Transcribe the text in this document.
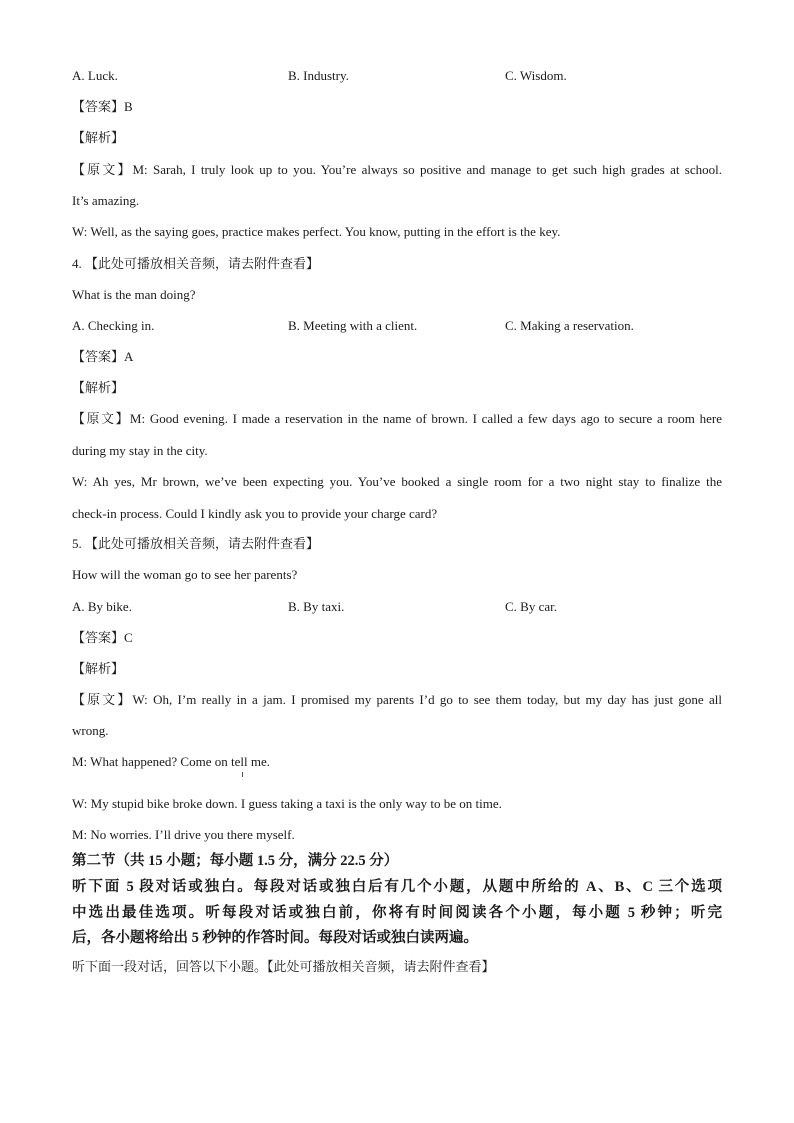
A. Luck.	B. Industry.	C. Wisdom.
【答案】B
【解析】
【原文】M: Sarah, I truly look up to you. You’re always so positive and manage to get such high grades at school.
It’s amazing.
W: Well, as the saying goes, practice makes perfect. You know, putting in the effort is the key.
4. 【此处可播放相关音频，请去附件查看】
What is the man doing?
A. Checking in.	B. Meeting with a client.	C. Making a reservation.
【答案】A
【解析】
【原文】M: Good evening. I made a reservation in the name of brown. I called a few days ago to secure a room here
during my stay in the city.
W: Ah yes, Mr brown, we’ve been expecting you. You’ve booked a single room for a two night stay to finalize the
check-in process. Could I kindly ask you to provide your charge card?
5. 【此处可播放相关音频，请去附件查看】
How will the woman go to see her parents?
A. By bike.	B. By taxi.	C. By car.
【答案】C
【解析】
【原文】W: Oh, I’m really in a jam. I promised my parents I’d go to see them today, but my day has just gone all
wrong.
M: What happened? Come on tell me.
W: My stupid bike broke down. I guess taking a taxi is the only way to be on time.
M: No worries. I’ll drive you there myself.
第二节（共 15 小题；每小题 1.5 分，满分 22.5 分）
听下面 5 段对话或独白。每段对话或独白后有几个小题，从题中所给的 A、B、C 三个选项
中选出最佳选项。听每段对话或独白前，你将有时间阅读各个小题，每小题 5 秒钟；听完
后，各小题将给出 5 秒钟的作答时间。每段对话或独白读两遍。
听下面一段对话，回答以下小题。【此处可播放相关音频，请去附件查看】
